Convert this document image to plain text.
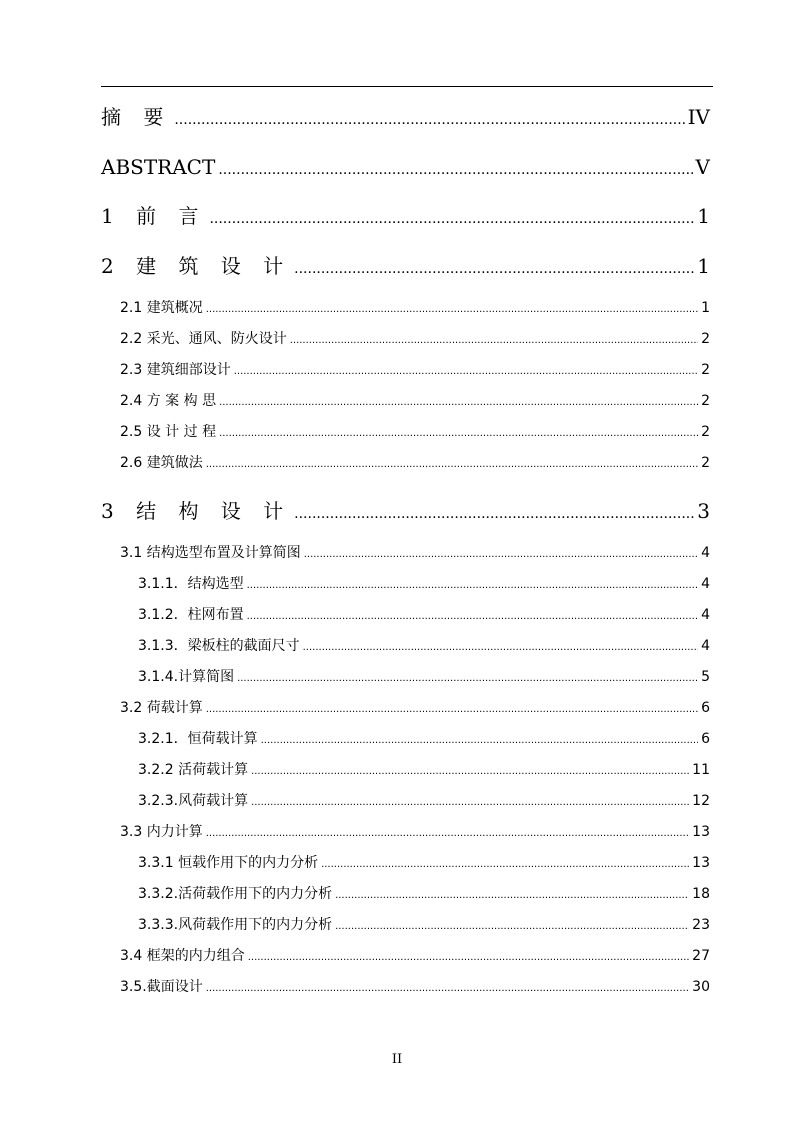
摘 要 .....	IV
ABSTRACT .....	V
1 前 言 .....	1
2 建 筑 设 计 .....	1
2.1 建筑概况 .....	1
2.2 采光、通风、防火设计 .....	2
2.3 建筑细部设计 .....	2
2.4 方 案 构 思 .....	2
2.5 设 计 过 程 .....	2
2.6 建筑做法 .....	2
3 结 构 设 计 .....	3
3.1 结构选型布置及计算简图 .....	4
3.1.1．结构选型 .....	4
3.1.2．柱网布置 .....	4
3.1.3．梁板柱的截面尺寸 .....	4
3.1.4.计算简图 .....	5
3.2 荷载计算 .....	6
3.2.1．恒荷载计算 .....	6
3.2.2 活荷载计算 .....	11
3.2.3.风荷载计算 .....	12
3.3 内力计算 .....	13
3.3.1 恒载作用下的内力分析 .....	13
3.3.2.活荷载作用下的内力分析 .....	18
3.3.3.风荷载作用下的内力分析 .....	23
3.4 框架的内力组合 .....	27
3.5.截面设计 .....	30
II
